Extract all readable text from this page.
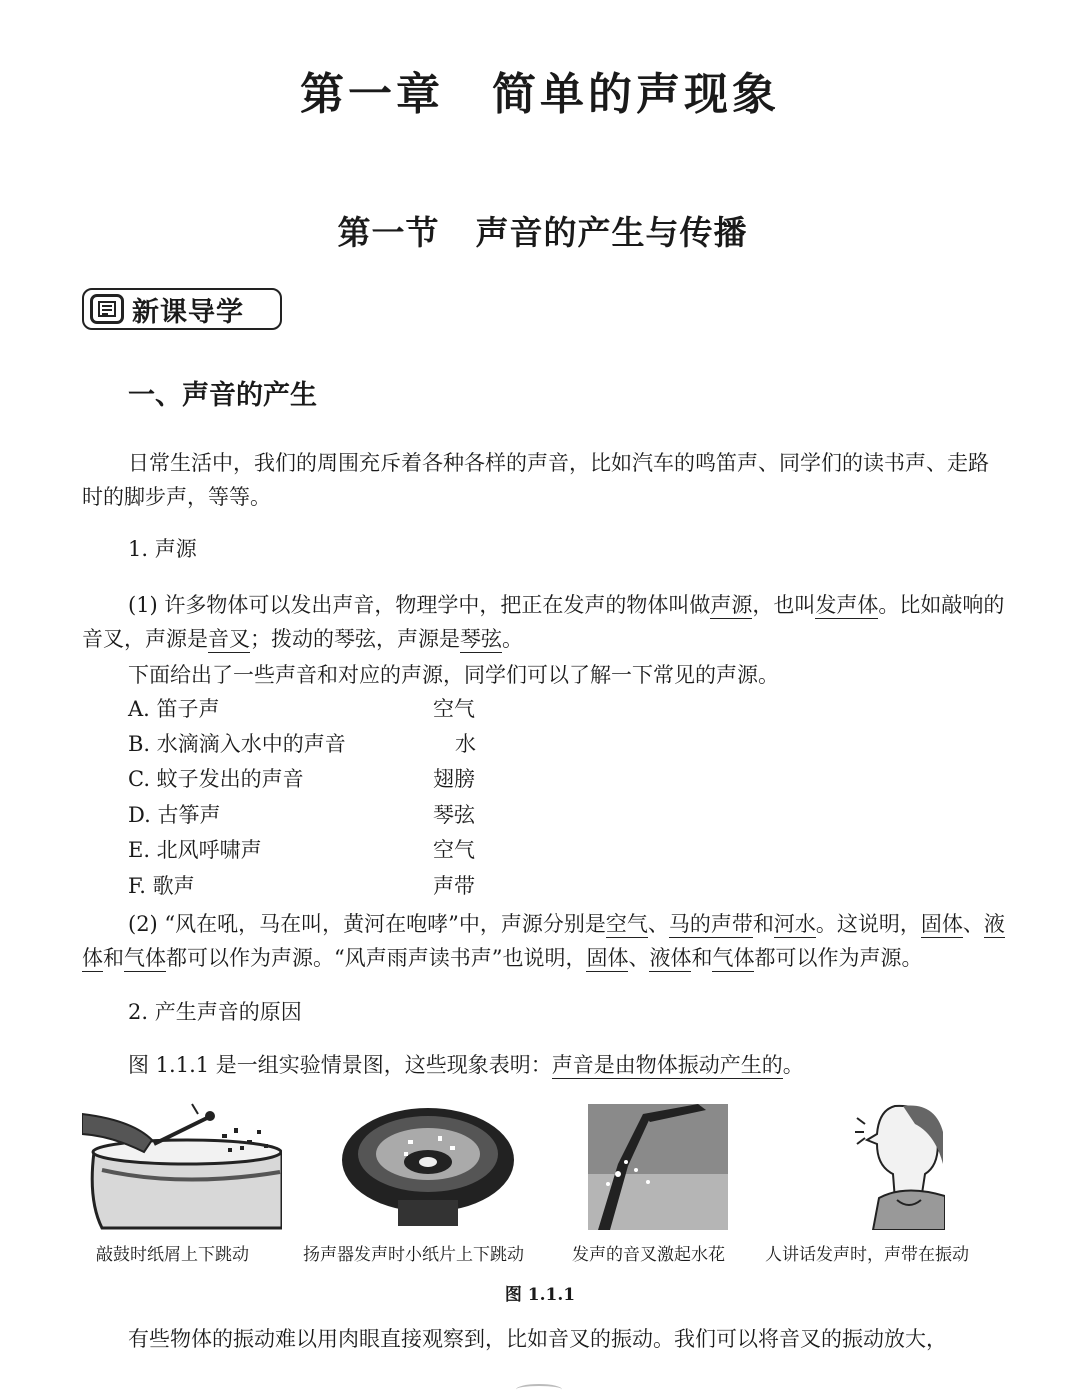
第一章 简单的声现象
第一节 声音的产生与传播
新课导学
一、声音的产生
日常生活中，我们的周围充斥着各种各样的声音，比如汽车的鸣笛声、同学们的读书声、走路时的脚步声，等等。
1. 声源
(1) 许多物体可以发出声音，物理学中，把正在发声的物体叫做声源，也叫发声体。比如敲响的音叉，声源是音叉；拨动的琴弦，声源是琴弦。
下面给出了一些声音和对应的声源，同学们可以了解一下常见的声源。
A. 笛子声	空气
B. 水滴滴入水中的声音	水
C. 蚊子发出的声音	翅膀
D. 古筝声	琴弦
E. 北风呼啸声	空气
F. 歌声	声带
(2) “风在吼，马在叫，黄河在咆哮”中，声源分别是空气、马的声带和河水。这说明，固体、液体和气体都可以作为声源。“风声雨声读书声”也说明，固体、液体和气体都可以作为声源。
2. 产生声音的原因
图 1.1.1 是一组实验情景图，这些现象表明：声音是由物体振动产生的。
敲鼓时纸屑上下跳动	扬声器发声时小纸片上下跳动	发声的音叉激起水花 人讲话发声时，声带在振动
图 1.1.1
有些物体的振动难以用肉眼直接观察到，比如音叉的振动。我们可以将音叉的振动放大，
